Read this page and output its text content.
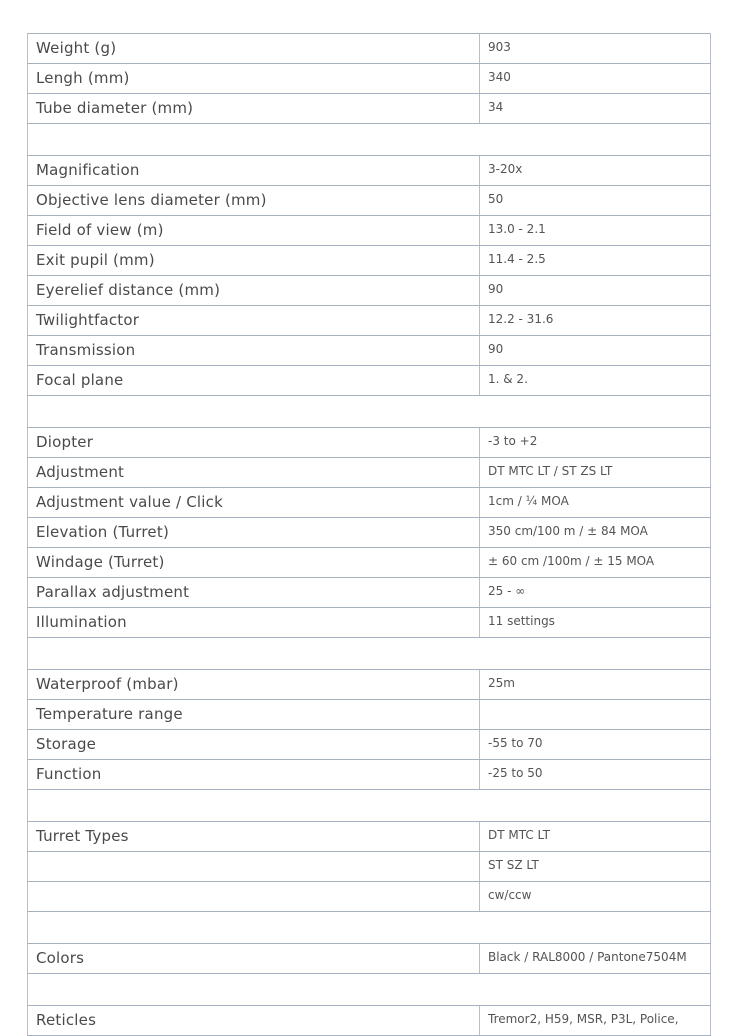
Weight (g)	903
Lengh (mm)	340
Tube diameter (mm)	34

Magnification	3-20x
Objective lens diameter (mm)	50
Field of view (m)	13.0 - 2.1
Exit pupil (mm)	11.4 - 2.5
Eyerelief distance (mm)	90
Twilightfactor	12.2 - 31.6
Transmission	90
Focal plane	1. & 2.

Diopter	-3 to +2
Adjustment	DT MTC LT / ST ZS LT
Adjustment value / Click	1cm / ¼ MOA
Elevation (Turret)	350 cm/100 m / ± 84 MOA
Windage (Turret)	± 60 cm /100m / ± 15 MOA
Parallax adjustment	25 - ∞
Illumination	11 settings

Waterproof (mbar)	25m
Temperature range	
Storage	-55 to 70
Function	-25 to 50

Turret Types	DT MTC LT
	ST SZ LT
	cw/ccw

Colors	Black / RAL8000 / Pantone7504M

Reticles	Tremor2, H59, MSR, P3L, Police,
